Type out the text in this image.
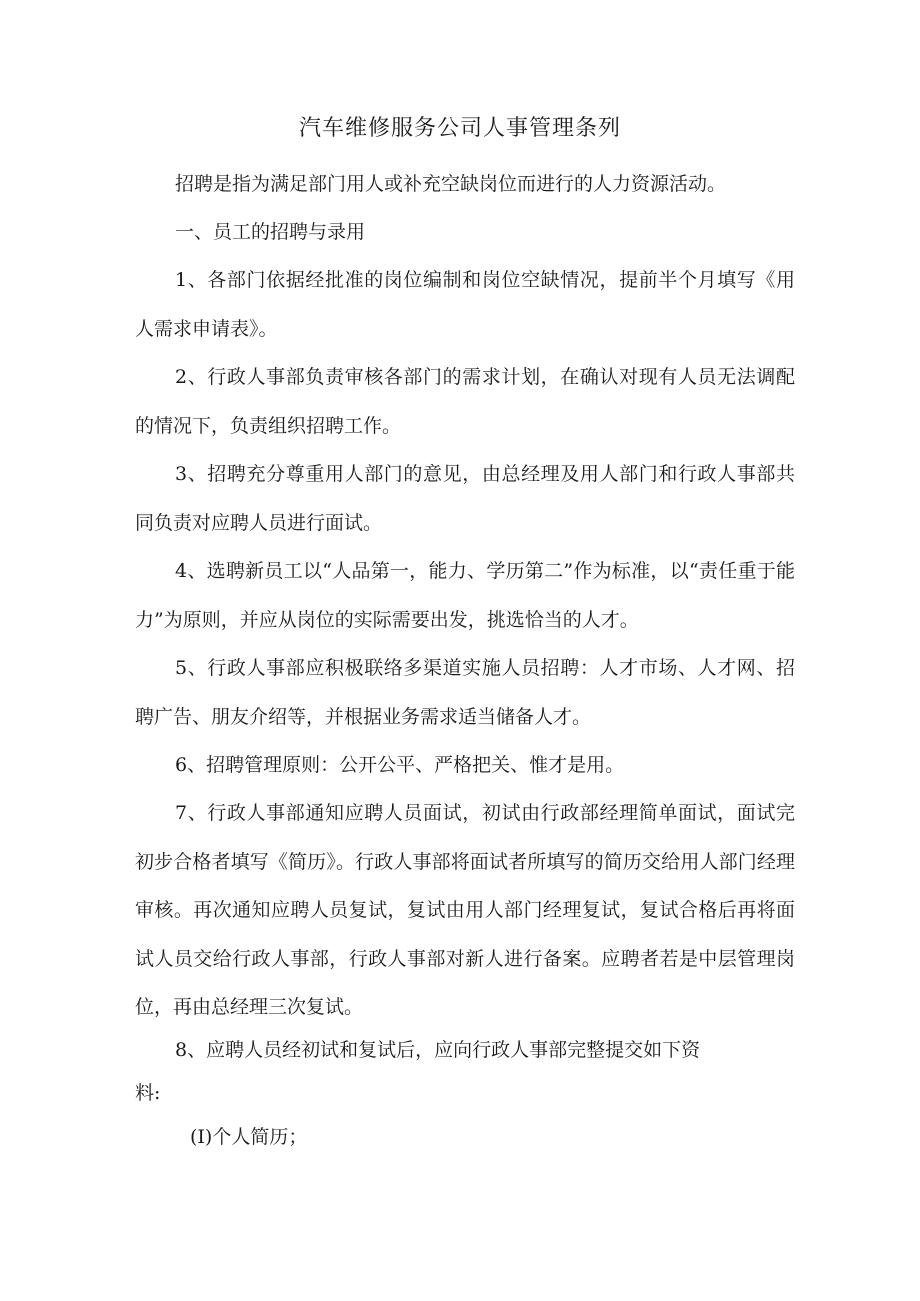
汽车维修服务公司人事管理条列

招聘是指为满足部门用人或补充空缺岗位而进行的人力资源活动。

一、员工的招聘与录用

1、各部门依据经批准的岗位编制和岗位空缺情况，提前半个月填写《用人需求申请表》。

2、行政人事部负责审核各部门的需求计划，在确认对现有人员无法调配的情况下，负责组织招聘工作。

3、招聘充分尊重用人部门的意见，由总经理及用人部门和行政人事部共同负责对应聘人员进行面试。

4、选聘新员工以“人品第一，能力、学历第二”作为标准，以“责任重于能力”为原则，并应从岗位的实际需要出发，挑选恰当的人才。

5、行政人事部应积极联络多渠道实施人员招聘：人才市场、人才网、招聘广告、朋友介绍等，并根据业务需求适当储备人才。

6、招聘管理原则：公开公平、严格把关、惟才是用。

7、行政人事部通知应聘人员面试，初试由行政部经理简单面试，面试完初步合格者填写《简历》。行政人事部将面试者所填写的简历交给用人部门经理审核。再次通知应聘人员复试，复试由用人部门经理复试，复试合格后再将面试人员交给行政人事部，行政人事部对新人进行备案。应聘者若是中层管理岗位，再由总经理三次复试。

8、应聘人员经初试和复试后，应向行政人事部完整提交如下资

料:

(I)个人简历；
